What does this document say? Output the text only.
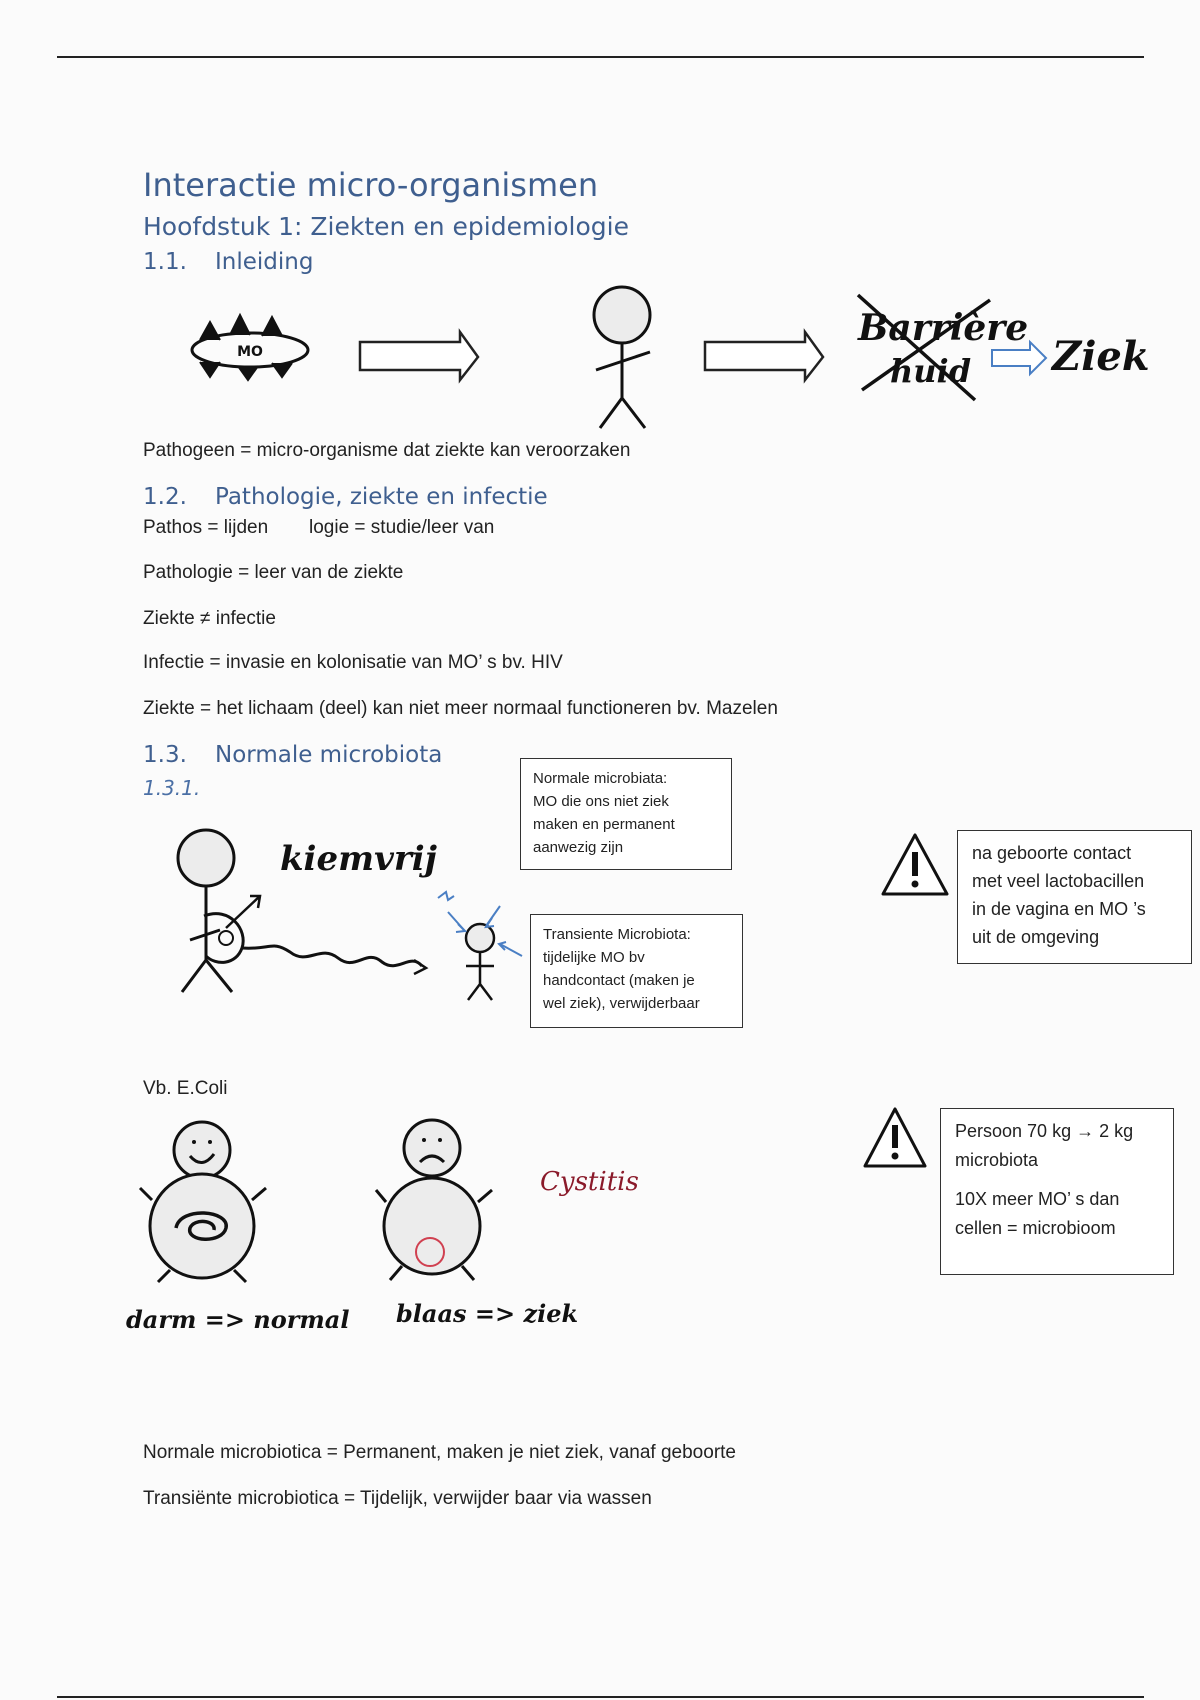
Interactie micro-organismen
Hoofdstuk 1: Ziekten en epidemiologie
1.1. Inleiding
MO
Barrière
huid Ziek
Pathogeen = micro-organisme dat ziekte kan veroorzaken
1.2. Pathologie, ziekte en infectie
Pathos = lijden logie = studie/leer van
Pathologie = leer van de ziekte
Ziekte ≠ infectie
Infectie = invasie en kolonisatie van MO’ s bv. HIV
Ziekte = het lichaam (deel) kan niet meer normaal functioneren bv. Mazelen
1.3. Normale microbiota
1.3.1.
kiemvrij
Normale microbiata:
MO die ons niet ziek
maken en permanent
aanwezig zijn
Transiente Microbiota:
tijdelijke MO bv
handcontact (maken je
wel ziek), verwijderbaar
na geboorte contact
met veel lactobacillen
in de vagina en MO ’s
uit de omgeving
Vb. E.Coli
Cystitis
darm => normal blaas => ziek

Persoon 70 kg → 2 kg microbiota

10X meer MO’ s dan cellen = microbioom

Normale microbiotica = Permanent, maken je niet ziek, vanaf geboorte
Transiënte microbiotica = Tijdelijk, verwijder baar via wassen
